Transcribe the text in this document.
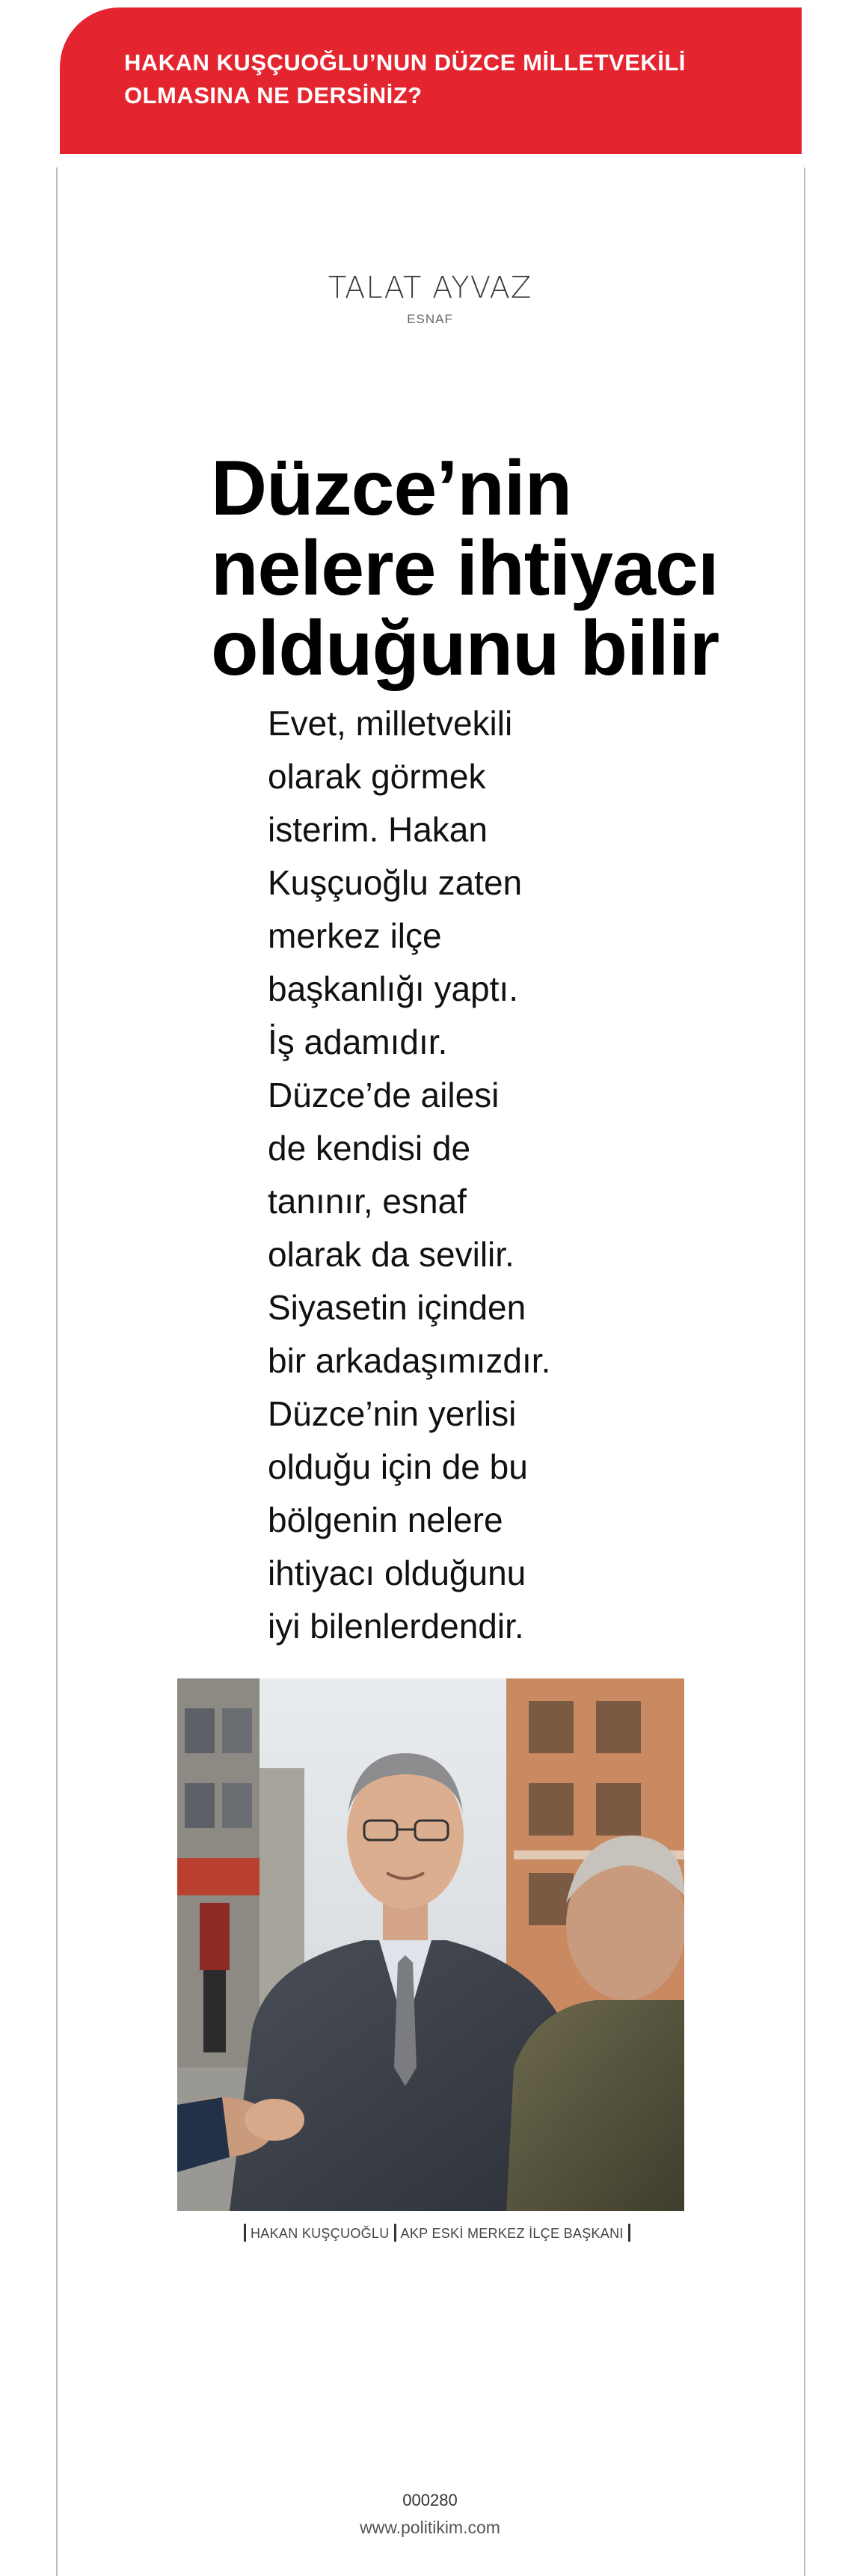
HAKAN KUŞÇUOĞLU’NUN DÜZCE MİLLETVEKİLİ
OLMASINA NE DERSİNİZ?
TALAT AYVAZ
ESNAF
Düzce’nin
nelere ihtiyacı
olduğunu bilir
Evet, milletvekili
olarak görmek
isterim. Hakan
Kuşçuoğlu zaten
merkez ilçe
başkanlığı yaptı.
İş adamıdır.
Düzce’de ailesi
de kendisi de
tanınır, esnaf
olarak da sevilir.
Siyasetin içinden
bir arkadaşımızdır.
Düzce’nin yerlisi
olduğu için de bu
bölgenin nelere
ihtiyacı olduğunu
iyi bilenlerdendir.
HAKAN KUŞÇUOĞLU AKP ESKİ MERKEZ İLÇE BAŞKANI
000280
www.politikim.com
